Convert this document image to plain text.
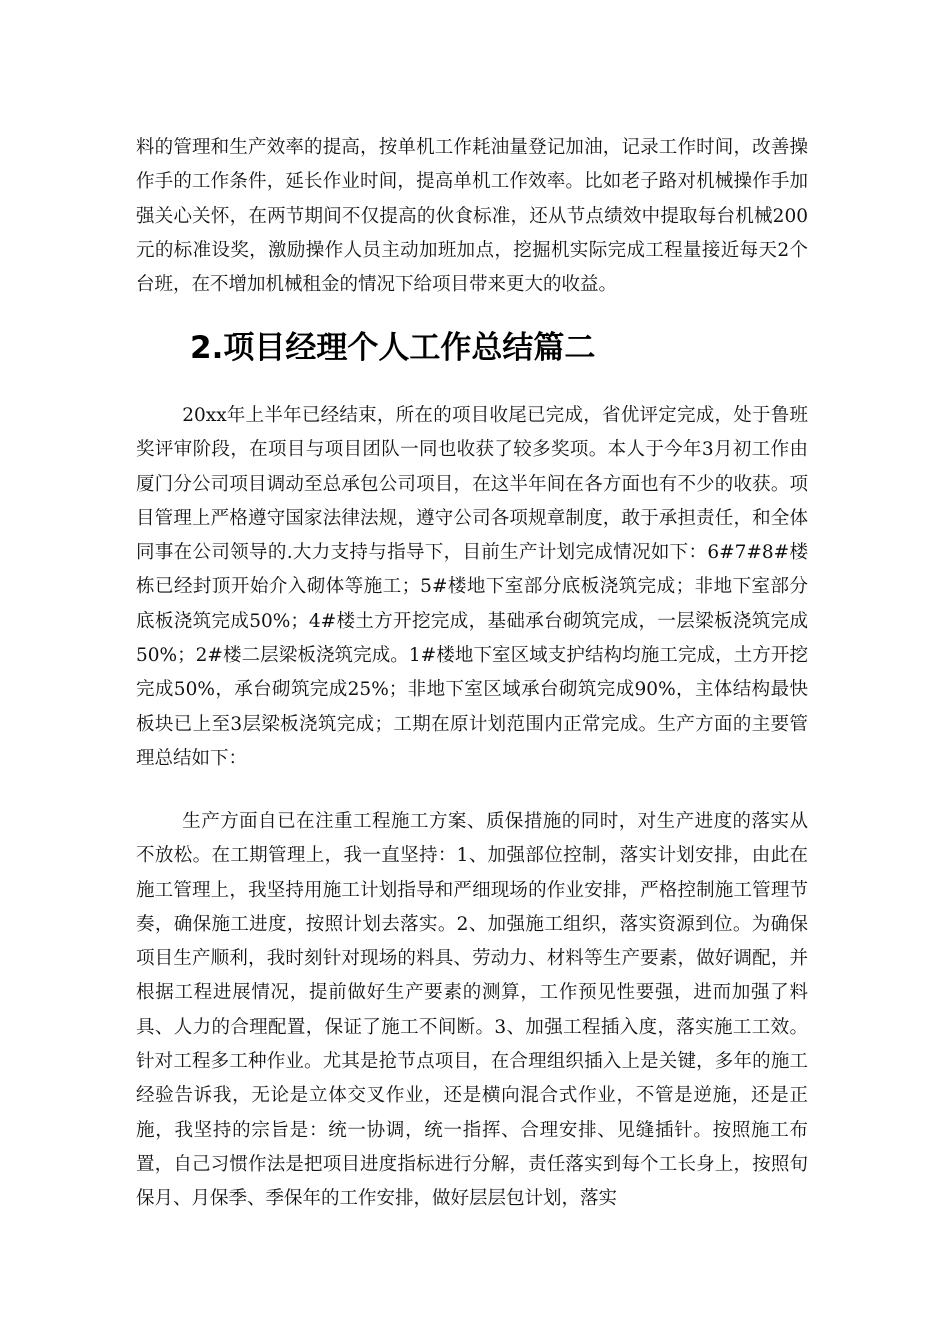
料的管理和生产效率的提高，按单机工作耗油量登记加油，记录工作时间，改善操作手的工作条件，延长作业时间，提高单机工作效率。比如老子路对机械操作手加强关心关怀，在两节期间不仅提高的伙食标准，还从节点绩效中提取每台机械200元的标准设奖，激励操作人员主动加班加点，挖掘机实际完成工程量接近每天2个台班，在不增加机械租金的情况下给项目带来更大的收益。

2.项目经理个人工作总结篇二

20xx年上半年已经结束，所在的项目收尾已完成，省优评定完成，处于鲁班奖评审阶段，在项目与项目团队一同也收获了较多奖项。本人于今年3月初工作由厦门分公司项目调动至总承包公司项目，在这半年间在各方面也有不少的收获。项目管理上严格遵守国家法律法规，遵守公司各项规章制度，敢于承担责任，和全体同事在公司领导的.大力支持与指导下，目前生产计划完成情况如下：6#7#8#楼栋已经封顶开始介入砌体等施工；5#楼地下室部分底板浇筑完成；非地下室部分底板浇筑完成50%；4#楼土方开挖完成，基础承台砌筑完成，一层梁板浇筑完成50%；2#楼二层梁板浇筑完成。1#楼地下室区域支护结构均施工完成，土方开挖完成50%，承台砌筑完成25%；非地下室区域承台砌筑完成90%，主体结构最快板块已上至3层梁板浇筑完成；工期在原计划范围内正常完成。生产方面的主要管理总结如下：

生产方面自已在注重工程施工方案、质保措施的同时，对生产进度的落实从不放松。在工期管理上，我一直坚持：1、加强部位控制，落实计划安排，由此在施工管理上，我坚持用施工计划指导和严细现场的作业安排，严格控制施工管理节奏，确保施工进度，按照计划去落实。2、加强施工组织，落实资源到位。为确保项目生产顺利，我时刻针对现场的料具、劳动力、材料等生产要素，做好调配，并根据工程进展情况，提前做好生产要素的测算，工作预见性要强，进而加强了料具、人力的合理配置，保证了施工不间断。3、加强工程插入度，落实施工工效。针对工程多工种作业。尤其是抢节点项目，在合理组织插入上是关键，多年的施工经验告诉我，无论是立体交叉作业，还是横向混合式作业，不管是逆施，还是正施，我坚持的宗旨是：统一协调，统一指挥、合理安排、见缝插针。按照施工布置，自己习惯作法是把项目进度指标进行分解，责任落实到每个工长身上，按照旬保月、月保季、季保年的工作安排，做好层层包计划，落实
